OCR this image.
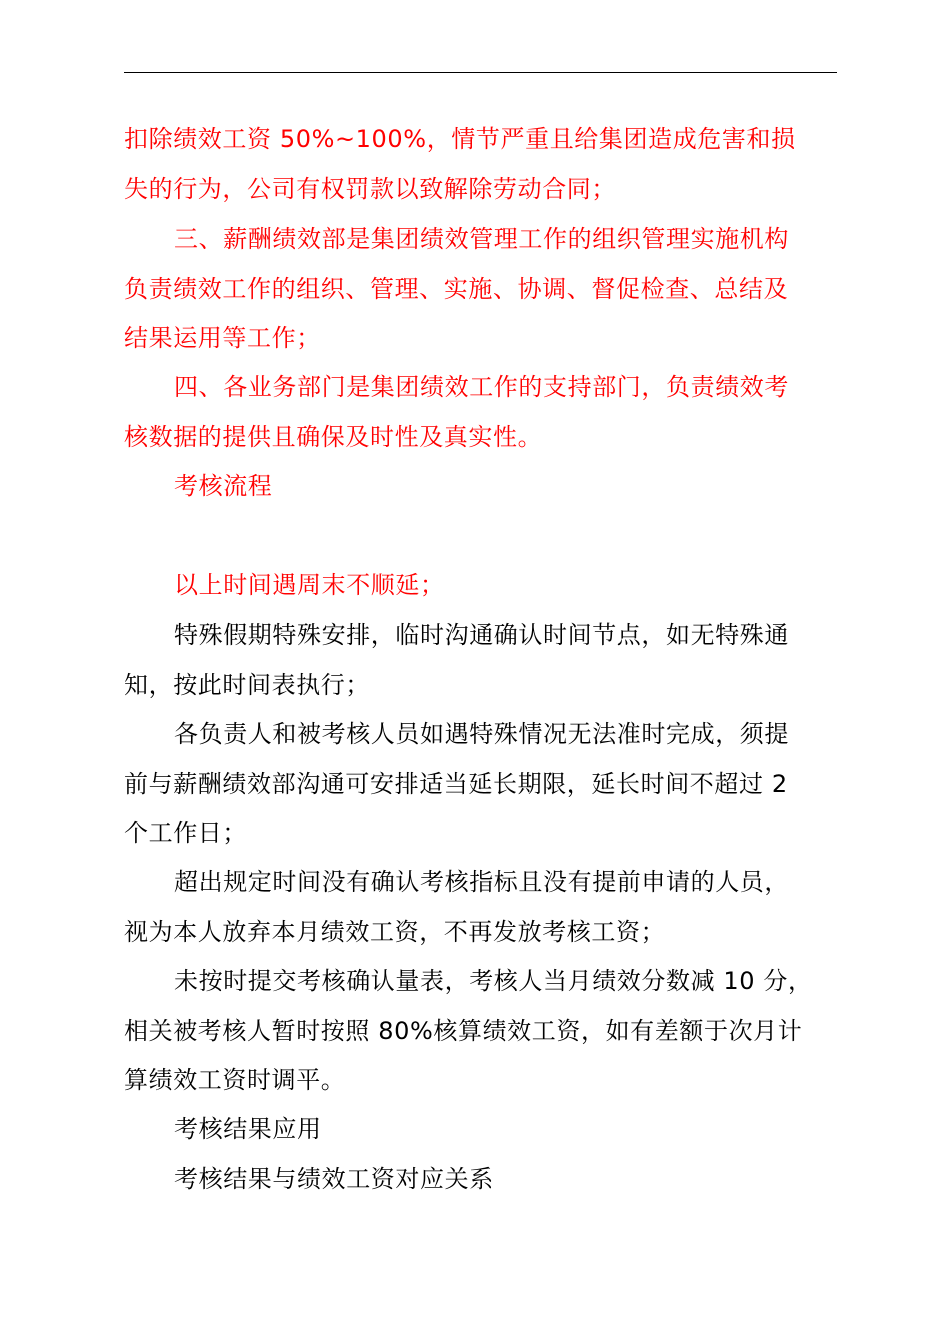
扣除绩效工资 50%~100%，情节严重且给集团造成危害和损
失的行为，公司有权罚款以致解除劳动合同；
三、薪酬绩效部是集团绩效管理工作的组织管理实施机构
负责绩效工作的组织、管理、实施、协调、督促检查、总结及
结果运用等工作；
四、各业务部门是集团绩效工作的支持部门，负责绩效考
核数据的提供且确保及时性及真实性。
考核流程
以上时间遇周末不顺延；
特殊假期特殊安排，临时沟通确认时间节点，如无特殊通
知，按此时间表执行；
各负责人和被考核人员如遇特殊情况无法准时完成，须提
前与薪酬绩效部沟通可安排适当延长期限，延长时间不超过 2
个工作日；
超出规定时间没有确认考核指标且没有提前申请的人员，
视为本人放弃本月绩效工资，不再发放考核工资；
未按时提交考核确认量表，考核人当月绩效分数减 10 分，
相关被考核人暂时按照 80%核算绩效工资，如有差额于次月计
算绩效工资时调平。
考核结果应用
考核结果与绩效工资对应关系
